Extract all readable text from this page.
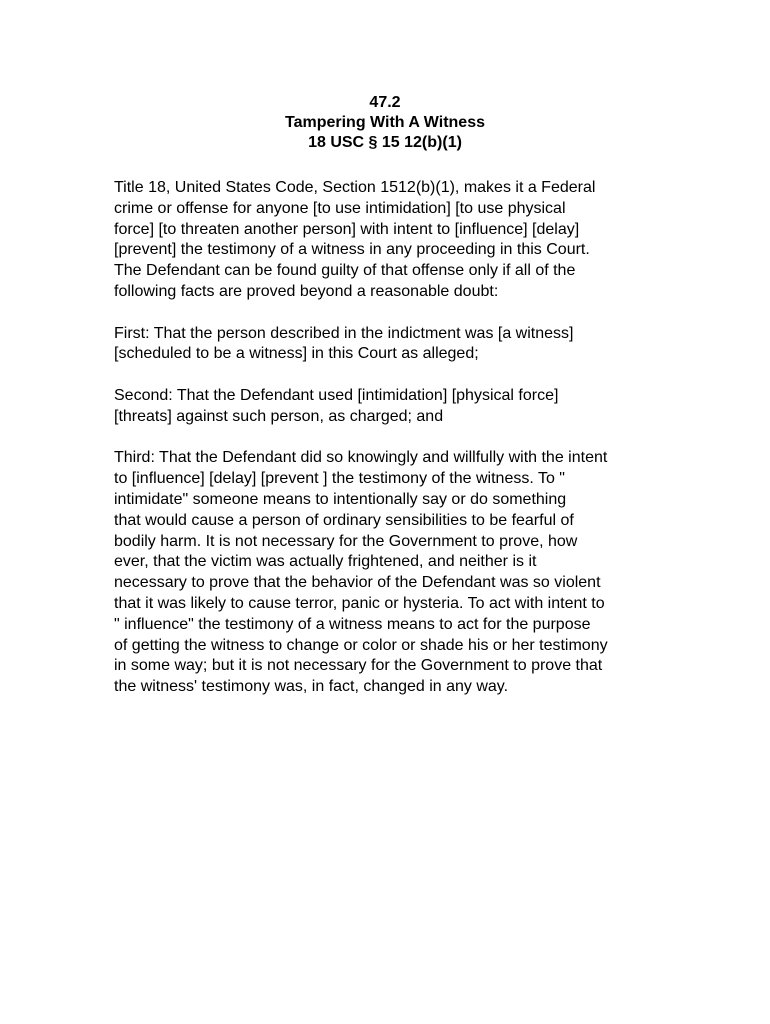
47.2
Tampering With A Witness
18 USC § 15 12(b)(1)
Title 18, United States Code, Section 1512(b)(1), makes it a Federal
crime or offense for anyone [to use intimidation] [to use physical
force] [to threaten another person] with intent to [influence] [delay]
[prevent] the testimony of a witness in any proceeding in this Court.
The Defendant can be found guilty of that offense only if all of the
following facts are proved beyond a reasonable doubt:
First: That the person described in the indictment was [a witness]
[scheduled to be a witness] in this Court as alleged;
Second: That the Defendant used [intimidation] [physical force]
[threats] against such person, as charged; and
Third: That the Defendant did so knowingly and willfully with the intent
to [influence] [delay] [prevent ] the testimony of the witness. To "
intimidate" someone means to intentionally say or do something
that would cause a person of ordinary sensibilities to be fearful of
bodily harm. It is not necessary for the Government to prove, how
ever, that the victim was actually frightened, and neither is it
necessary to prove that the behavior of the Defendant was so violent
that it was likely to cause terror, panic or hysteria. To act with intent to
" influence" the testimony of a witness means to act for the purpose
of getting the witness to change or color or shade his or her testimony
in some way; but it is not necessary for the Government to prove that
the witness' testimony was, in fact, changed in any way.
